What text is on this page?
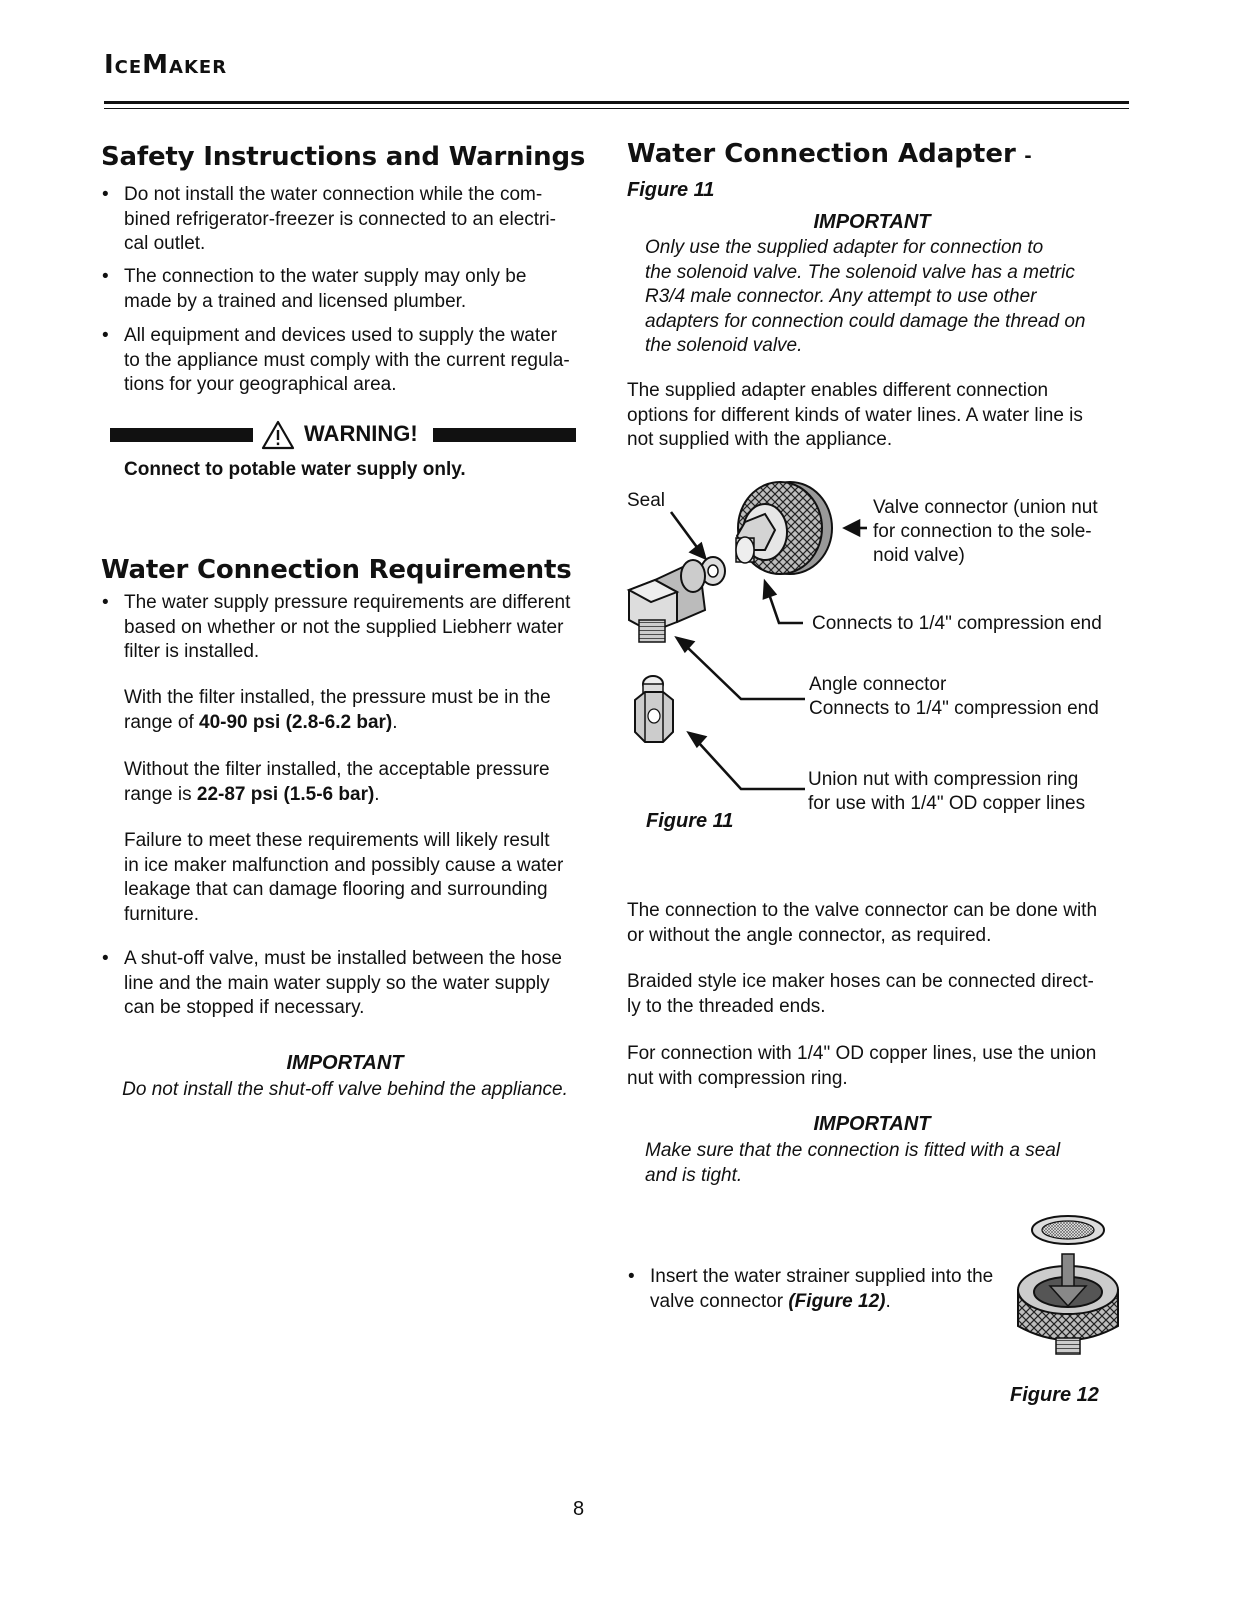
IceMaker
Safety Instructions and Warnings
• Do not install the water connection while the com-
bined refrigerator-freezer is connected to an electri-
cal outlet.
• The connection to the water supply may only be
made by a trained and licensed plumber.
• All equipment and devices used to supply the water
to the appliance must comply with the current regula-
tions for your geographical area.
WARNING!
Connect to potable water supply only.
Water Connection Requirements
• The water supply pressure requirements are different
based on whether or not the supplied Liebherr water
filter is installed.
With the filter installed, the pressure must be in the
range of 40-90 psi (2.8-6.2 bar).
Without the filter installed, the acceptable pressure
range is 22-87 psi (1.5-6 bar).
Failure to meet these requirements will likely result
in ice maker malfunction and possibly cause a water
leakage that can damage flooring and surrounding
furniture.
• A shut-off valve, must be installed between the hose
line and the main water supply so the water supply
can be stopped if necessary.
IMPORTANT
Do not install the shut-off valve behind the appliance.
Water Connection Adapter -
Figure 11
IMPORTANT
Only use the supplied adapter for connection to
the solenoid valve. The solenoid valve has a metric
R3/4 male connector. Any attempt to use other
adapters for connection could damage the thread on
the solenoid valve.
The supplied adapter enables different connection
options for different kinds of water lines. A water line is
not supplied with the appliance.
Seal	Valve connector (union nut
for connection to the sole-
noid valve)
Connects to 1/4" compression end
Angle connector
Connects to 1/4" compression end
Union nut with compression ring
for use with 1/4" OD copper lines
Figure 11
The connection to the valve connector can be done with
or without the angle connector, as required.
Braided style ice maker hoses can be connected direct-
ly to the threaded ends.
For connection with 1/4" OD copper lines, use the union
nut with compression ring.
IMPORTANT
Make sure that the connection is fitted with a seal
and is tight.
• Insert the water strainer supplied into the
valve connector (Figure 12).
Figure 12
8
